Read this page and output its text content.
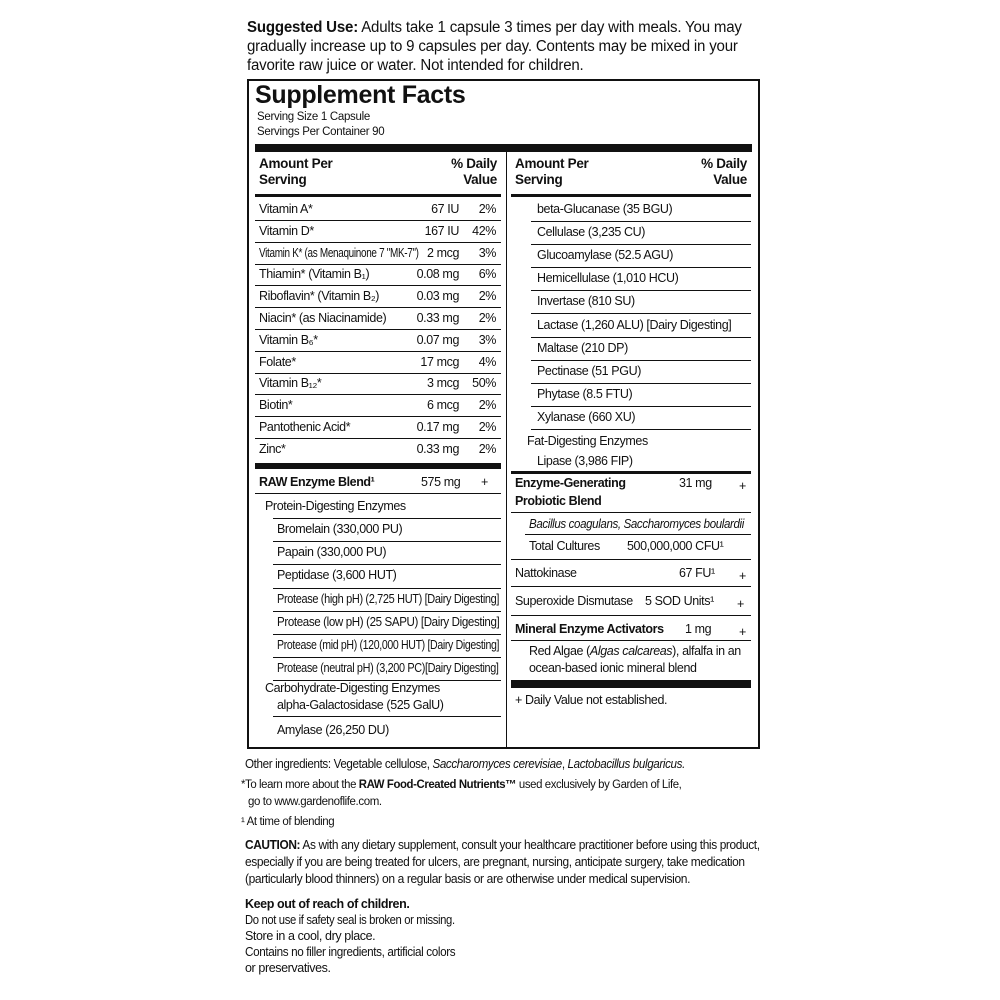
Suggested Use: Adults take 1 capsule 3 times per day with meals. You may
gradually increase up to 9 capsules per day. Contents may be mixed in your
favorite raw juice or water. Not intended for children.
Supplement Facts
Serving Size 1 Capsule
Servings Per Container 90
Amount Per
Serving
% Daily
Value
Amount Per
Serving
% Daily
Value
Vitamin A*	67 IU	2%
Vitamin D*	167 IU	42%
Vitamin K* (as Menaquinone 7 "MK-7") 2 mcg	3%
Thiamin* (Vitamin B₁)	0.08 mg	6%
Riboflavin* (Vitamin B₂)	0.03 mg	2%
Niacin* (as Niacinamide)	0.33 mg	2%
Vitamin B₆*	0.07 mg	3%
Folate*	17 mcg	4%
Vitamin B₁₂*	3 mcg	50%
Biotin*	6 mcg	2%
Pantothenic Acid*	0.17 mg	2%
Zinc*	0.33 mg	2%
RAW Enzyme Blend¹	575 mg +
Protein-Digesting Enzymes
Bromelain (330,000 PU)
Papain (330,000 PU)
Peptidase (3,600 HUT)
Protease (high pH) (2,725 HUT) [Dairy Digesting]
Protease (low pH) (25 SAPU) [Dairy Digesting]
Protease (mid pH) (120,000 HUT) [Dairy Digesting]
Protease (neutral pH) (3,200 PC)[Dairy Digesting]
Carbohydrate-Digesting Enzymes
alpha-Galactosidase (525 GalU)
Amylase (26,250 DU)
beta-Glucanase (35 BGU)
Cellulase (3,235 CU)
Glucoamylase (52.5 AGU)
Hemicellulase (1,010 HCU)
Invertase (810 SU)
Lactase (1,260 ALU) [Dairy Digesting]
Maltase (210 DP)
Pectinase (51 PGU)
Phytase (8.5 FTU)
Xylanase (660 XU)
Fat-Digesting Enzymes
Lipase (3,986 FIP)
Enzyme-Generating
Probiotic Blend
31 mg +
Bacillus coagulans, Saccharomyces boulardii
Total Cultures 500,000,000 CFU¹
Nattokinase	67 FU¹ +
Superoxide Dismutase 5 SOD Units¹ +
Mineral Enzyme Activators 1 mg +
Red Algae (Algas calcareas), alfalfa in an
ocean-based ionic mineral blend
+ Daily Value not established.
Other ingredients: Vegetable cellulose, Saccharomyces cerevisiae, Lactobacillus bulgaricus.
*To learn more about the RAW Food-Created Nutrients™ used exclusively by Garden of Life,
go to www.gardenoflife.com.
¹ At time of blending
CAUTION: As with any dietary supplement, consult your healthcare practitioner before using this product,
especially if you are being treated for ulcers, are pregnant, nursing, anticipate surgery, take medication
(particularly blood thinners) on a regular basis or are otherwise under medical supervision.
Keep out of reach of children.
Do not use if safety seal is broken or missing.
Store in a cool, dry place.
Contains no filler ingredients, artificial colors
or preservatives.
